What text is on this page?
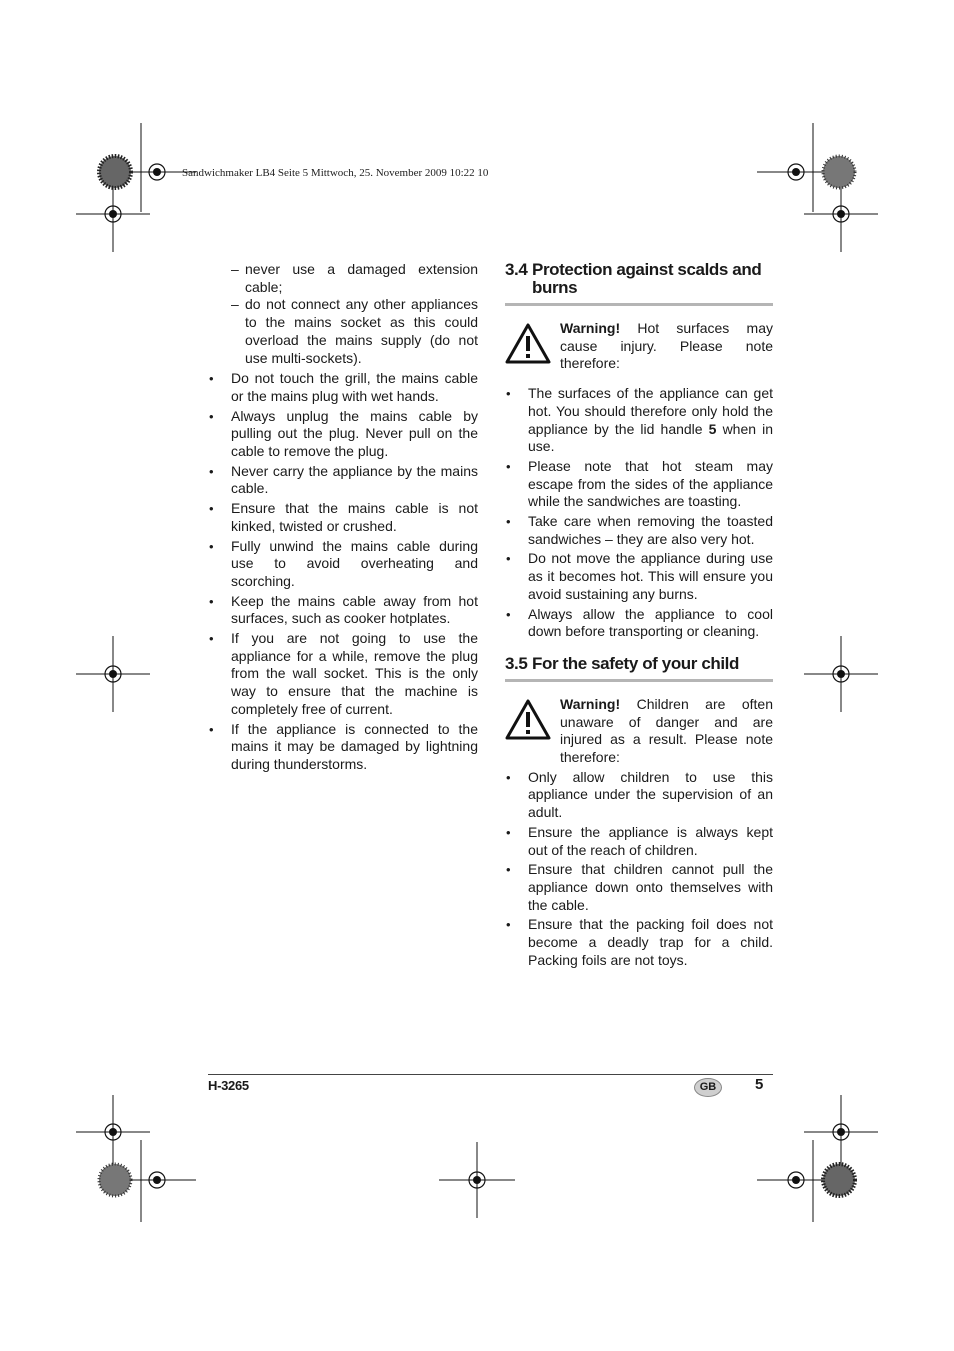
Sandwichmaker LB4 Seite 5 Mittwoch, 25. November 2009 10:22 10
– never use a damaged extension cable;
– do not connect any other appliances to the mains socket as this could overload the mains supply (do not use multi-sockets).
• Do not touch the grill, the mains cable or the mains plug with wet hands.
• Always unplug the mains cable by pulling out the plug. Never pull on the cable to remove the plug.
• Never carry the appliance by the mains cable.
• Ensure that the mains cable is not kinked, twisted or crushed.
• Fully unwind the mains cable during use to avoid overheating and scorching.
• Keep the mains cable away from hot surfaces, such as cooker hotplates.
• If you are not going to use the appliance for a while, remove the plug from the wall socket. This is the only way to ensure that the machine is completely free of current.
• If the appliance is connected to the mains it may be damaged by lightning during thunderstorms.
3.4 Protection against scalds and
burns
Warning! Hot surfaces may cause injury. Please note therefore:
• The surfaces of the appliance can get hot. You should therefore only hold the appliance by the lid handle 5 when in use.
• Please note that hot steam may escape from the sides of the appliance while the sandwiches are toasting.
• Take care when removing the toasted sandwiches – they are also very hot.
• Do not move the appliance during use as it becomes hot. This will ensure you avoid sustaining any burns.
• Always allow the appliance to cool down before transporting or cleaning.
3.5 For the safety of your child
Warning! Children are often unaware of danger and are injured as a result. Please note therefore:
• Only allow children to use this appliance under the supervision of an adult.
• Ensure the appliance is always kept out of the reach of children.
• Ensure that children cannot pull the appliance down onto themselves with the cable.
• Ensure that the packing foil does not become a deadly trap for a child. Packing foils are not toys.
H-3265	GB	5
